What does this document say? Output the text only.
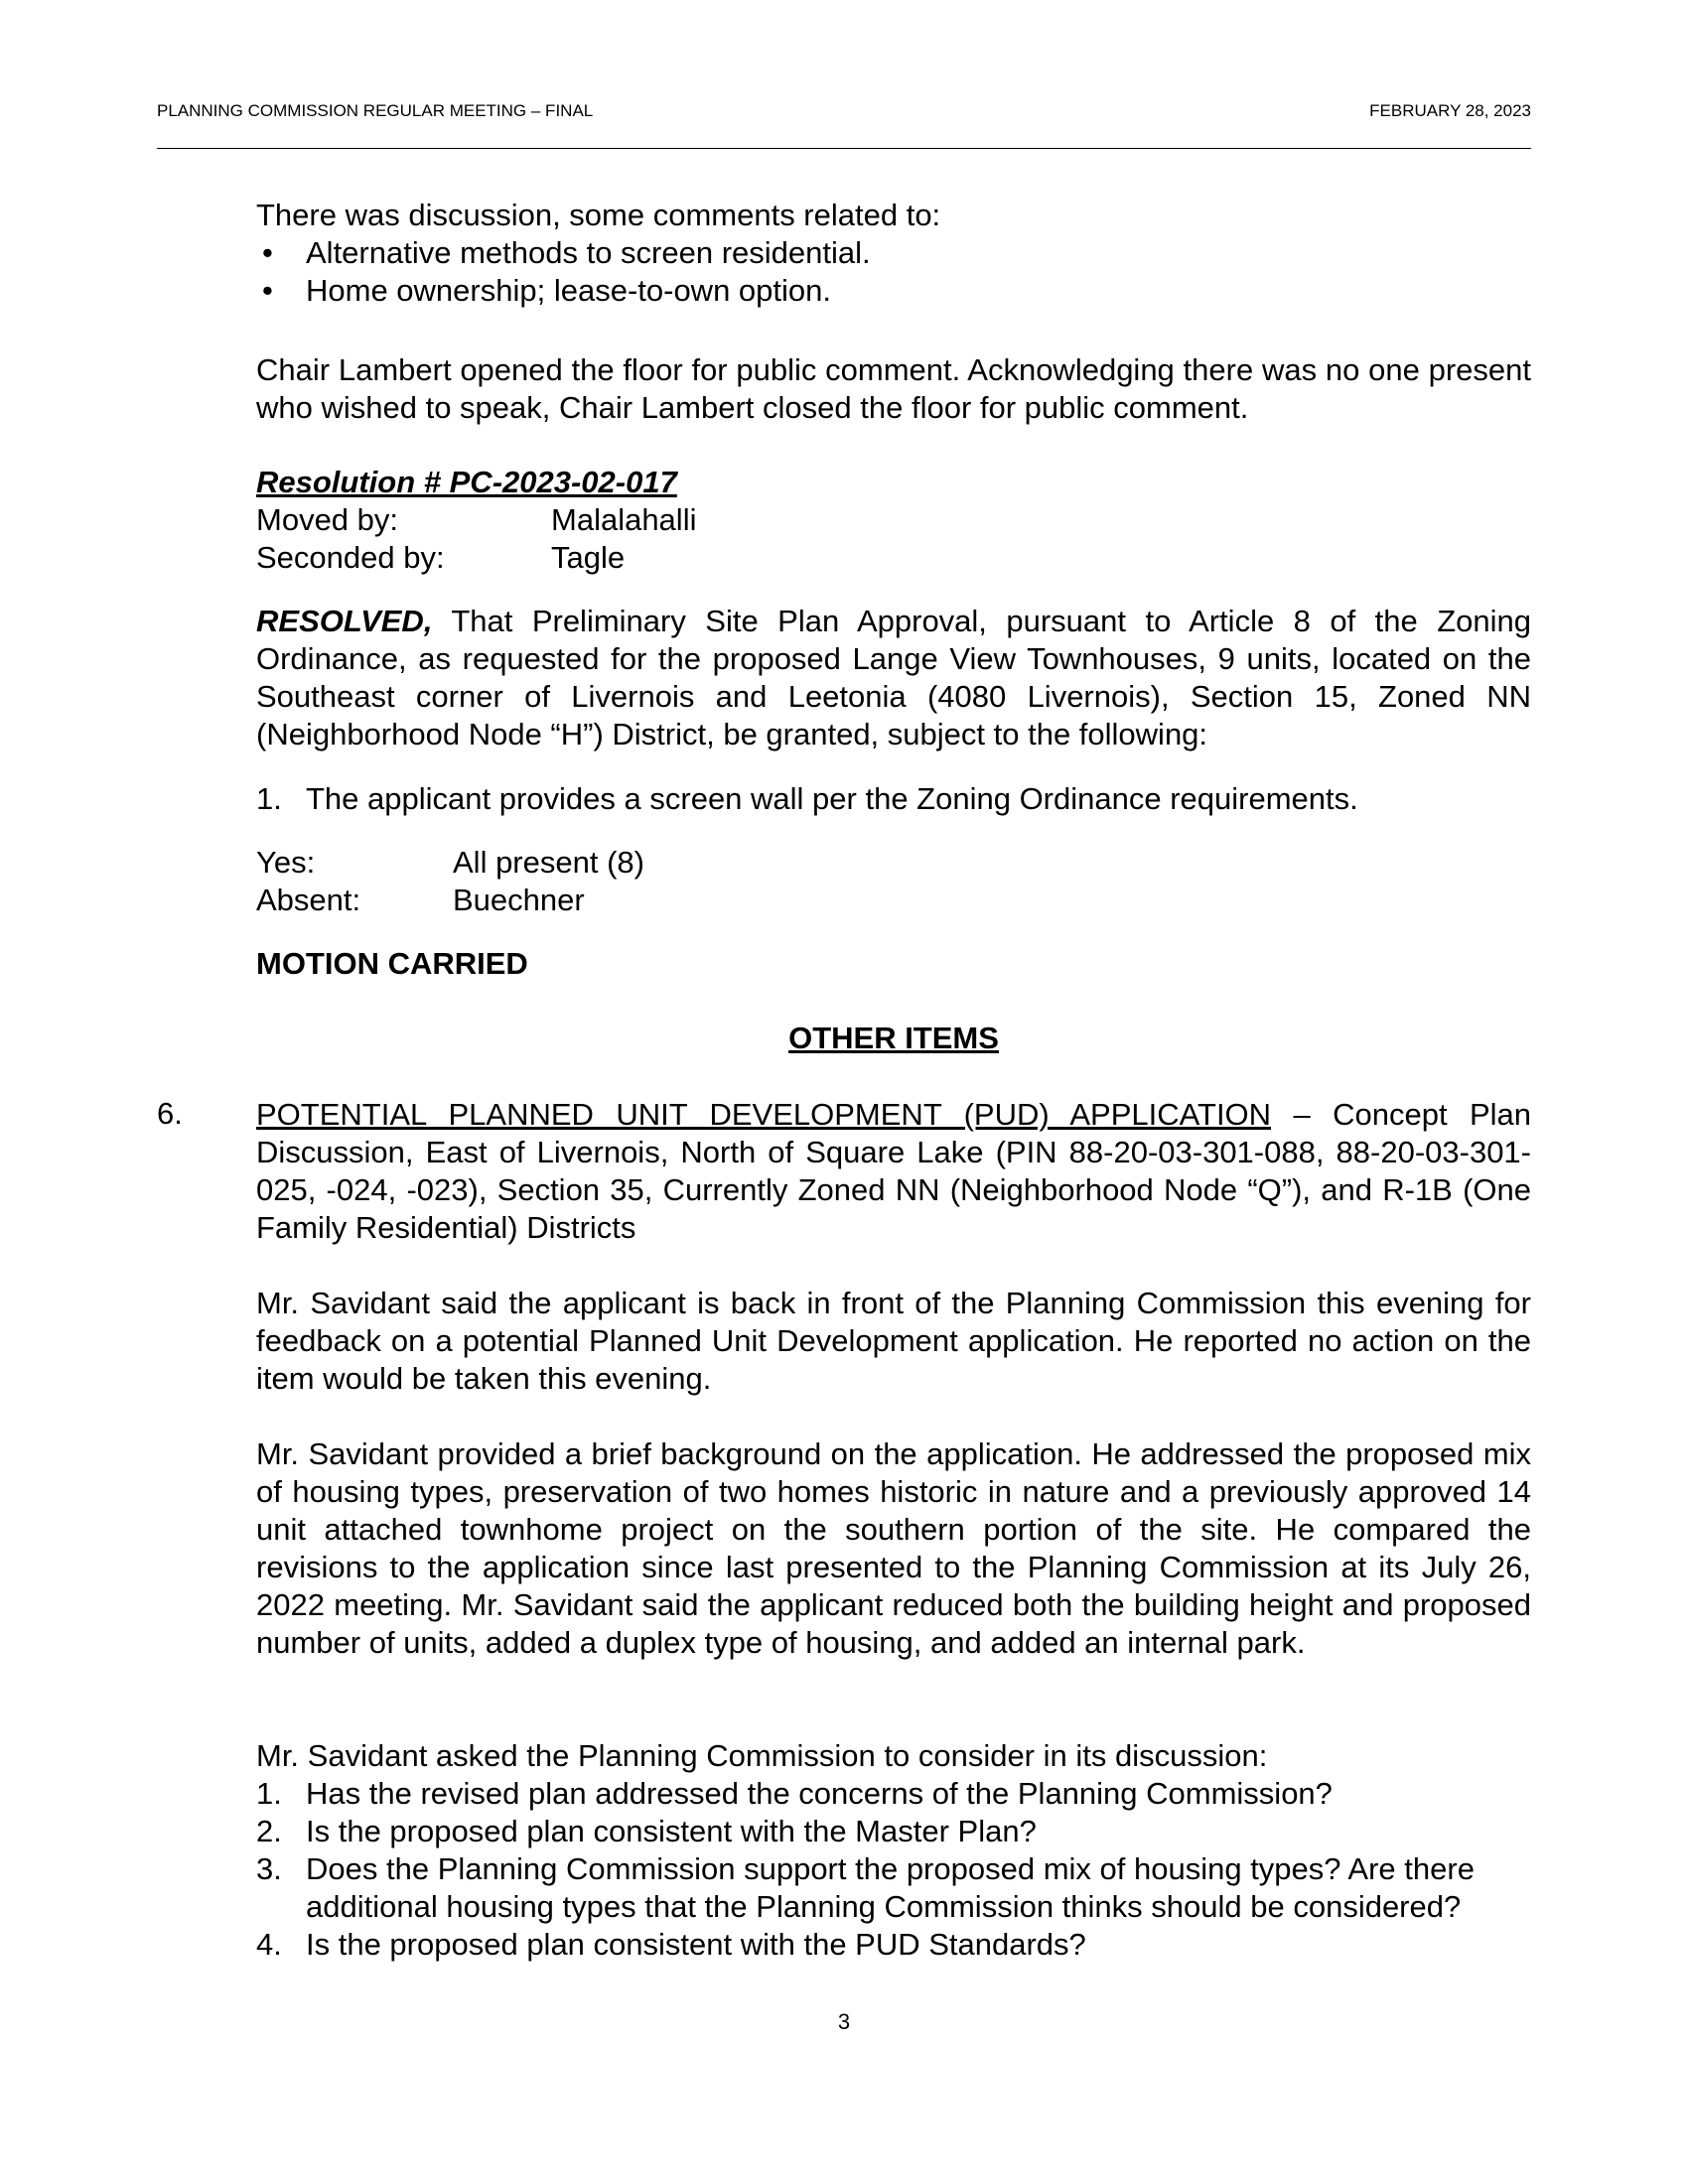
PLANNING COMMISSION REGULAR MEETING – FINAL	FEBRUARY 28, 2023

There was discussion, some comments related to:

• Alternative methods to screen residential.
• Home ownership; lease-to-own option.
Chair Lambert opened the floor for public comment. Acknowledging there was no one present who wished to speak, Chair Lambert closed the floor for public comment.
Resolution # PC-2023-02-017
Moved by:	Malalahalli
Seconded by:	Tagle
RESOLVED, That Preliminary Site Plan Approval, pursuant to Article 8 of the Zoning Ordinance, as requested for the proposed Lange View Townhouses, 9 units, located on the Southeast corner of Livernois and Leetonia (4080 Livernois), Section 15, Zoned NN (Neighborhood Node “H”) District, be granted, subject to the following:
1. The applicant provides a screen wall per the Zoning Ordinance requirements.
Yes:	All present (8)
Absent:	Buechner
MOTION CARRIED
OTHER ITEMS
6. POTENTIAL PLANNED UNIT DEVELOPMENT (PUD) APPLICATION – Concept Plan Discussion, East of Livernois, North of Square Lake (PIN 88-20-03-301-088, 88-20-03-301-025, -024, -023), Section 35, Currently Zoned NN (Neighborhood Node “Q”), and R-1B (One Family Residential) Districts
Mr. Savidant said the applicant is back in front of the Planning Commission this evening for feedback on a potential Planned Unit Development application. He reported no action on the item would be taken this evening.
Mr. Savidant provided a brief background on the application. He addressed the proposed mix of housing types, preservation of two homes historic in nature and a previously approved 14 unit attached townhome project on the southern portion of the site. He compared the revisions to the application since last presented to the Planning Commission at its July 26, 2022 meeting. Mr. Savidant said the applicant reduced both the building height and proposed number of units, added a duplex type of housing, and added an internal park.

Mr. Savidant asked the Planning Commission to consider in its discussion:

1. Has the revised plan addressed the concerns of the Planning Commission?
2. Is the proposed plan consistent with the Master Plan?
3. Does the Planning Commission support the proposed mix of housing types? Are there additional housing types that the Planning Commission thinks should be considered?
4. Is the proposed plan consistent with the PUD Standards?
3
